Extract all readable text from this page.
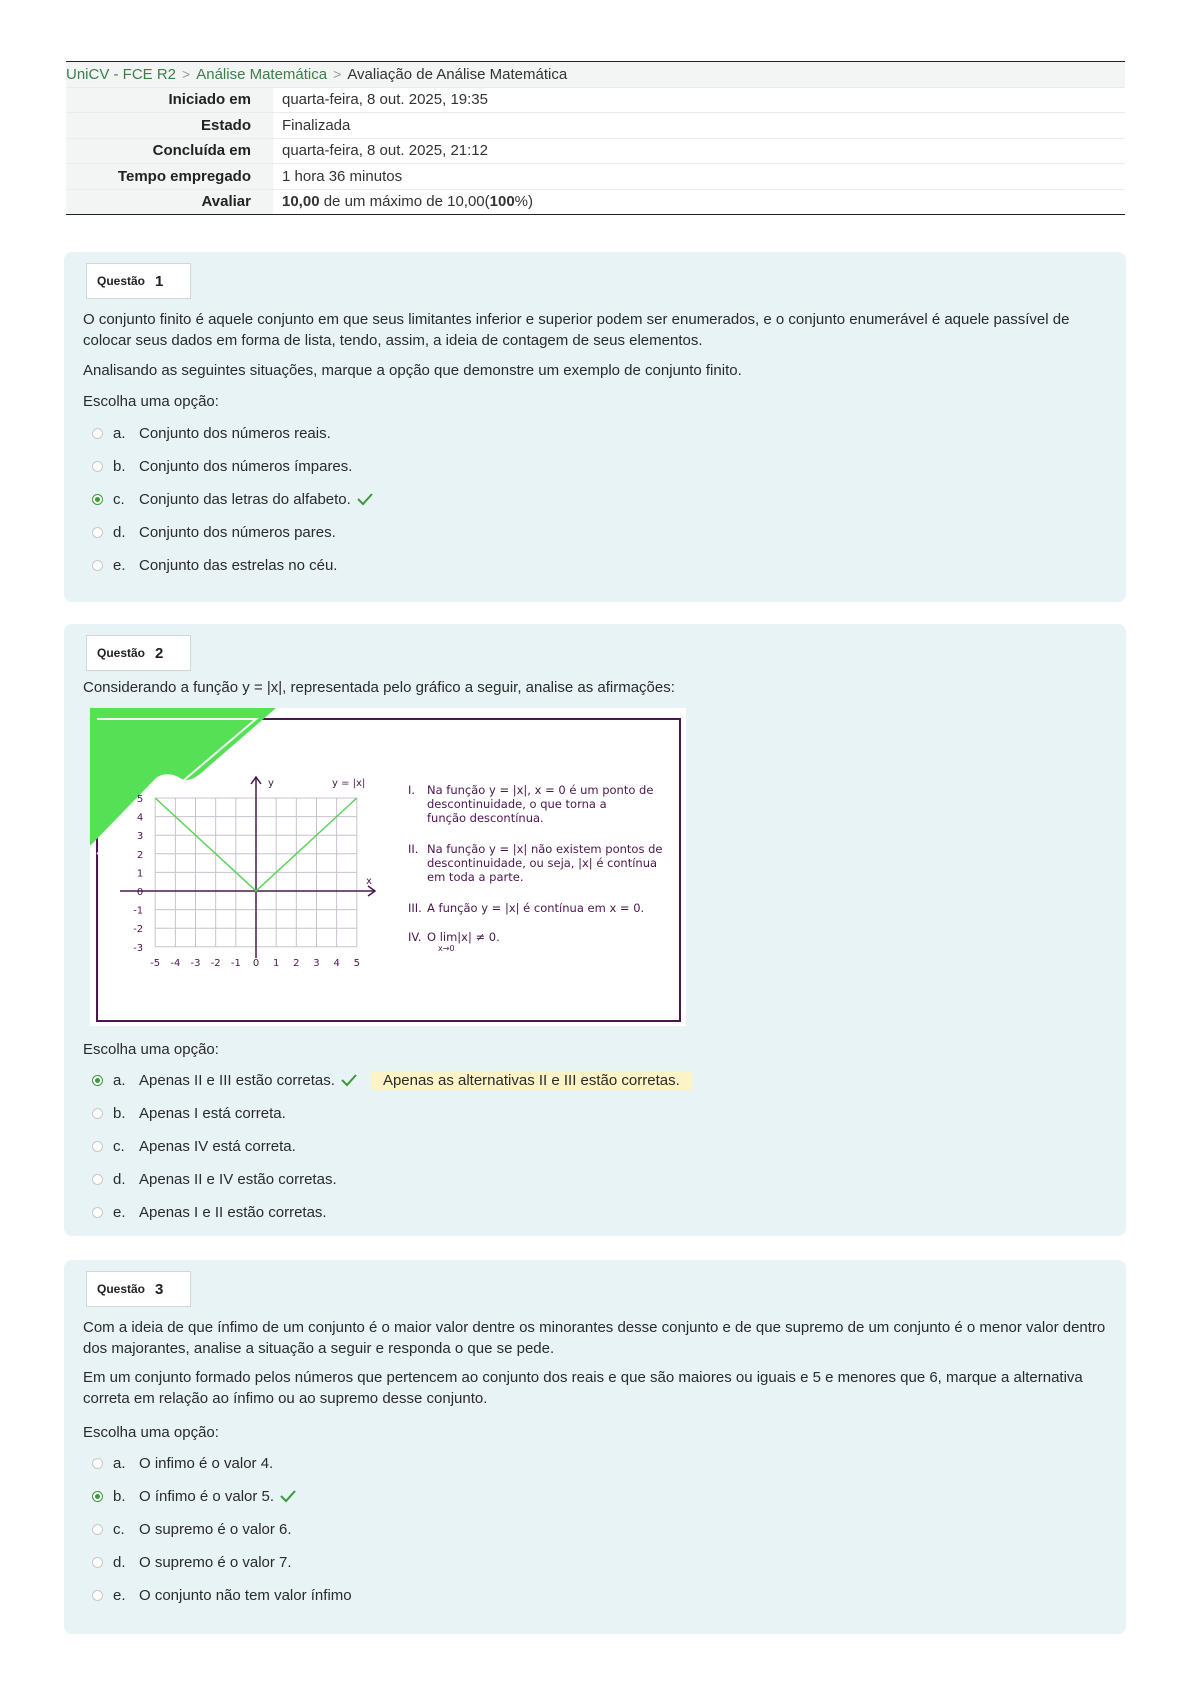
UniCV - FCE R2 > Análise Matemática > Avaliação de Análise Matemática	
Iniciado em	quarta-feira, 8 out. 2025, 19:35
Estado	Finalizada
Concluída em	quarta-feira, 8 out. 2025, 21:12
Tempo empregado	1 hora 36 minutos
Avaliar	10,00 de um máximo de 10,00(100%)
Questão 1
O conjunto finito é aquele conjunto em que seus limitantes inferior e superior podem ser enumerados, e o conjunto enumerável é aquele passível de colocar seus dados em forma de lista, tendo, assim, a ideia de contagem de seus elementos.
Analisando as seguintes situações, marque a opção que demonstre um exemplo de conjunto finito.
Escolha uma opção:
a. Conjunto dos números reais.
b. Conjunto dos números ímpares.
c. Conjunto das letras do alfabeto.
d. Conjunto dos números pares.
e. Conjunto das estrelas no céu.
Questão 2
Considerando a função y = |x|, representada pelo gráfico a seguir, analise as afirmações:
-5 -4 -3 -2 -1 0 1 2 3 4 5
5
4
3
2
1
0
-1
-2
-3
y
x
y = |x|	I. Na função y = |x|, x = 0 é um ponto de
descontinuidade, o que torna a
função descontínua.
II. Na função y = |x| não existem pontos de
descontinuidade, ou seja, |x| é contínua
em toda a parte.
III. A função y = |x| é contínua em x = 0.
IV. O lim|x| ≠ 0.
x→0
Escolha uma opção:
a. Apenas II e III estão corretas.	Apenas as alternativas II e III estão corretas.
b. Apenas I está correta.
c. Apenas IV está correta.
d. Apenas II e IV estão corretas.
e. Apenas I e II estão corretas.
Questão 3
Com a ideia de que ínfimo de um conjunto é o maior valor dentre os minorantes desse conjunto e de que supremo de um conjunto é o menor valor dentro dos majorantes, analise a situação a seguir e responda o que se pede.
Em um conjunto formado pelos números que pertencem ao conjunto dos reais e que são maiores ou iguais e 5 e menores que 6, marque a alternativa correta em relação ao ínfimo ou ao supremo desse conjunto.
Escolha uma opção:
a. O infimo é o valor 4.
b. O ínfimo é o valor 5.
c. O supremo é o valor 6.
d. O supremo é o valor 7.
e. O conjunto não tem valor ínfimo
